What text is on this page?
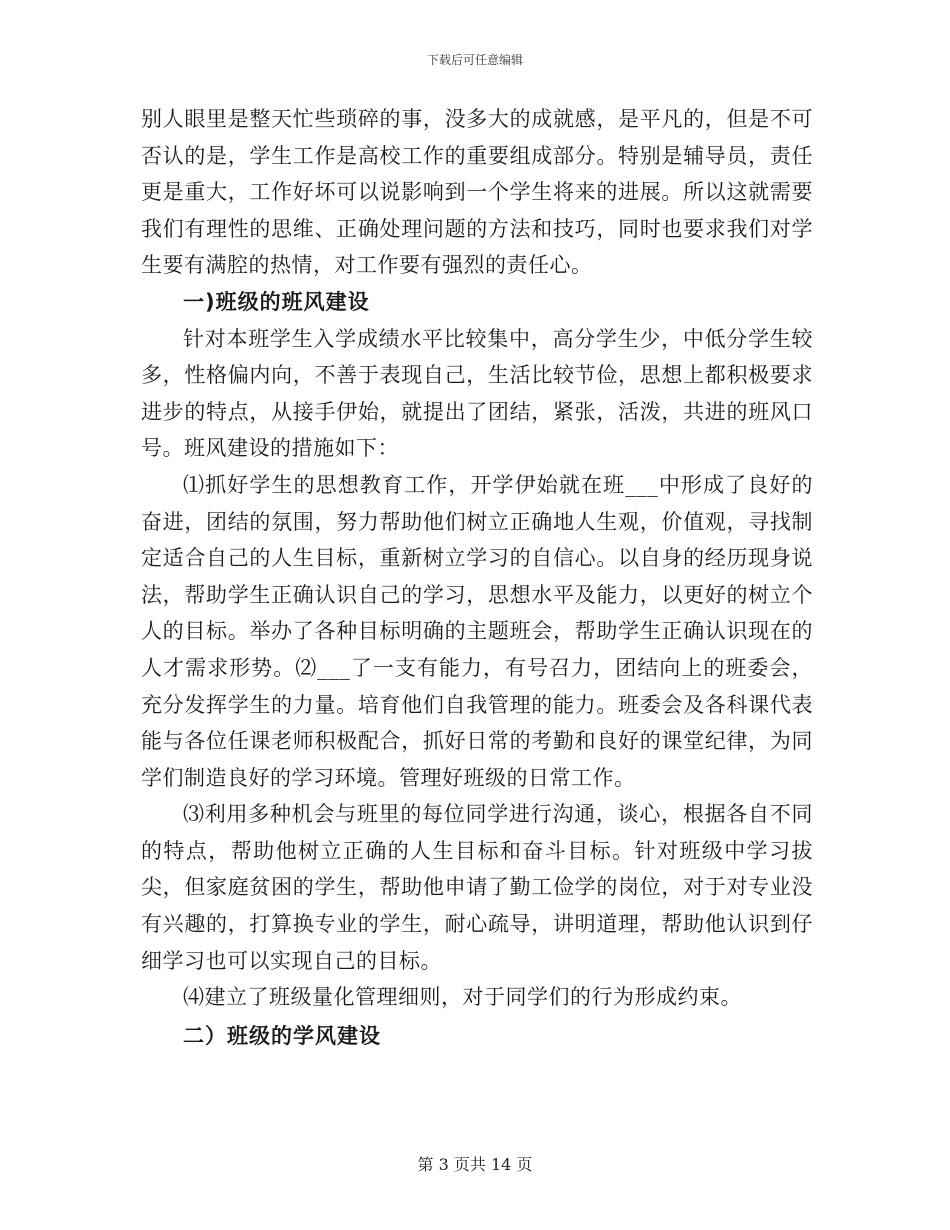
下载后可任意编辑

别人眼里是整天忙些琐碎的事，没多大的成就感，是平凡的，但是不可否认的是，学生工作是高校工作的重要组成部分。特别是辅导员，责任更是重大，工作好坏可以说影响到一个学生将来的进展。所以这就需要我们有理性的思维、正确处理问题的方法和技巧，同时也要求我们对学生要有满腔的热情，对工作要有强烈的责任心。

一)班级的班风建设

针对本班学生入学成绩水平比较集中，高分学生少，中低分学生较多，性格偏内向，不善于表现自己，生活比较节俭，思想上都积极要求进步的特点，从接手伊始，就提出了团结，紧张，活泼，共进的班风口号。班风建设的措施如下：

⑴抓好学生的思想教育工作，开学伊始就在班___中形成了良好的奋进，团结的氛围，努力帮助他们树立正确地人生观，价值观，寻找制定适合自己的人生目标，重新树立学习的自信心。以自身的经历现身说法，帮助学生正确认识自己的学习，思想水平及能力，以更好的树立个人的目标。举办了各种目标明确的主题班会，帮助学生正确认识现在的人才需求形势。⑵___了一支有能力，有号召力，团结向上的班委会，充分发挥学生的力量。培育他们自我管理的能力。班委会及各科课代表能与各位任课老师积极配合，抓好日常的考勤和良好的课堂纪律，为同学们制造良好的学习环境。管理好班级的日常工作。

⑶利用多种机会与班里的每位同学进行沟通，谈心，根据各自不同的特点，帮助他树立正确的人生目标和奋斗目标。针对班级中学习拔尖，但家庭贫困的学生，帮助他申请了勤工俭学的岗位，对于对专业没有兴趣的，打算换专业的学生，耐心疏导，讲明道理，帮助他认识到仔细学习也可以实现自己的目标。

⑷建立了班级量化管理细则，对于同学们的行为形成约束。

二）班级的学风建设

第 3 页共 14 页
